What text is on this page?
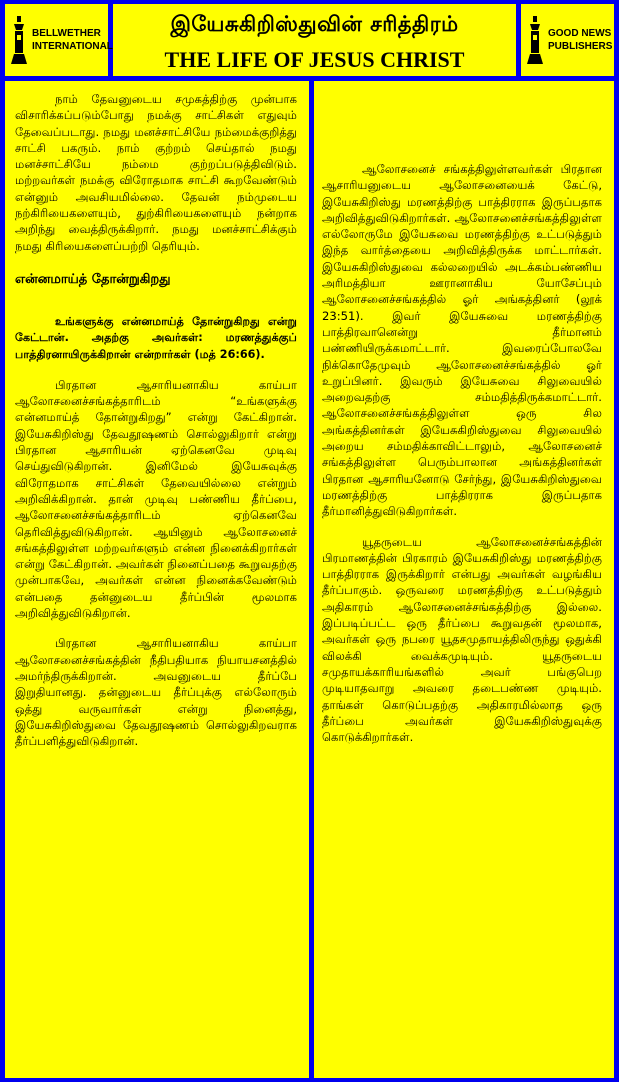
BELLWETHER
INTERNATIONAL
இயேசுகிறிஸ்துவின் சரித்திரம்
THE LIFE OF JESUS CHRIST
GOOD NEWS
PUBLISHERS

நாம் தேவனுடைய சமுகத்திற்கு முன்பாக விசாரிக்கப்படும்போது நமக்கு சாட்சிகள் எதுவும் தேவைப்படாது. நமது மனச்சாட்சியே நம்மைக்குறித்து சாட்சி பகரும். நாம் குற்றம் செய்தால் நமது மனச்சாட்சியே நம்மை குற்றப்படுத்திவிடும். மற்றவர்கள் நமக்கு விரோதமாக சாட்சி கூறவேண்டும் என்னும் அவசியமில்லை. தேவன் நம்முடைய நற்கிரியைகளையும், துற்கிரியைகளையும் நன்றாக அறிந்து வைத்திருக்கிறார். நமது மனச்சாட்சிக்கும் நமது கிரியைகளைப்பற்றி தெரியும்.

என்னமாய்த் தோன்றுகிறது

உங்களுக்கு என்னமாய்த் தோன்றுகிறது என்று கேட்டான். அதற்கு அவர்கள்: மரணத்துக்குப் பாத்திரனாயிருக்கிறான் என்றார்கள் (மத் 26:66).

பிரதான ஆசாரியனாகிய காய்பா ஆலோசனைச்சங்கத்தாரிடம் “உங்களுக்கு என்னமாய்த் தோன்றுகிறது” என்று கேட்கிறான். இயேசுகிறிஸ்து தேவதூஷணம் சொல்லுகிறார் என்று பிரதான ஆசாரியன் ஏற்கெனவே முடிவு செய்துவிடுகிறான். இனிமேல் இயேசுவுக்கு விரோதமாக சாட்சிகள் தேவையில்லை என்றும் அறிவிக்கிறான். தான் முடிவு பண்ணிய தீர்ப்பை, ஆலோசனைச்சங்கத்தாரிடம் ஏற்கெனவே தெரிவித்துவிடுகிறான். ஆயினும் ஆலோசனைச் சங்கத்திலுள்ள மற்றவர்களும் என்ன நினைக்கிறார்கள் என்று கேட்கிறான். அவர்கள் நினைப்பதை கூறுவதற்கு முன்பாகவே, அவர்கள் என்ன நினைக்கவேண்டும் என்பதை தன்னுடைய தீர்ப்பின் மூலமாக அறிவித்துவிடுகிறான்.

பிரதான ஆசாரியனாகிய காய்பா ஆலோசனைச்சங்கத்தின் நீதிபதியாக நியாயசனத்தில் அமர்ந்திருக்கிறான். அவனுடைய தீர்ப்பே இறுதியானது. தன்னுடைய தீர்ப்புக்கு எல்லோரும் ஒத்து வருவார்கள் என்று நினைத்து, இயேசுகிறிஸ்துவை தேவதூஷணம் சொல்லுகிறவராக தீர்ப்பளித்துவிடுகிறான்.

ஆலோசனைச் சங்கத்திலுள்ளவர்கள் பிரதான ஆசாரியனுடைய ஆலோசனையைக் கேட்டு, இயேசுகிறிஸ்து மரணத்திற்கு பாத்திரராக இருப்பதாக அறிவித்துவிடுகிறார்கள். ஆலோசனைச்சங்கத்திலுள்ள எல்லோருமே இயேசுவை மரணத்திற்கு உட்படுத்தும் இந்த வார்த்தையை அறிவித்திருக்க மாட்டார்கள். இயேசுகிறிஸ்துவை கல்லறையில் அடக்கம்பண்ணிய அரிமத்தியா ஊரானாகிய யோசேப்பும் ஆலோசனைச்சங்கத்தில் ஓர் அங்கத்தினர் (லூக் 23:51). இவர் இயேசுவை மரணத்திற்கு பாத்திரவானென்று தீர்மானம் பண்ணியிருக்கமாட்டார். இவரைப்போலவே நிக்கொதேமுவும் ஆலோசனைச்சங்கத்தில் ஓர் உறுப்பினர். இவரும் இயேசுவை சிலுவையில் அறைவதற்கு சம்மதித்திருக்கமாட்டார். ஆலோசனைச்சங்கத்திலுள்ள ஒரு சில அங்கத்தினர்கள் இயேசுகிறிஸ்துவை சிலுவையில் அறைய சம்மதிக்காவிட்டாலும், ஆலோசனைச் சங்கத்திலுள்ள பெரும்பாலான அங்கத்தினர்கள் பிரதான ஆசாரியனோடு சேர்ந்து, இயேசுகிறிஸ்துவை மரணத்திற்கு பாத்திரராக இருப்பதாக தீர்மானித்துவிடுகிறார்கள்.

யூதருடைய ஆலோசனைச்சங்கத்தின் பிரமாணத்தின் பிரகாரம் இயேசுகிறிஸ்து மரணத்திற்கு பாத்திரராக இருக்கிறார் என்பது அவர்கள் வழங்கிய தீர்ப்பாகும். ஒருவரை மரணத்திற்கு உட்படுத்தும் அதிகாரம் ஆலோசனைச்சங்கத்திற்கு இல்லை. இப்படிப்பட்ட ஒரு தீர்ப்பை கூறுவதன் மூலமாக, அவர்கள் ஒரு நபரை யூதசமுதாயத்திலிருந்து ஒதுக்கி விலக்கி வைக்கமுடியும். யூதருடைய சமுதாயக்காரியங்களில் அவர் பங்குபெற முடியாதவாறு அவரை தடைபண்ண முடியும். தாங்கள் கொடுப்பதற்கு அதிகாரமில்லாத ஒரு தீர்ப்பை அவர்கள் இயேசுகிறிஸ்துவுக்கு கொடுக்கிறார்கள்.
